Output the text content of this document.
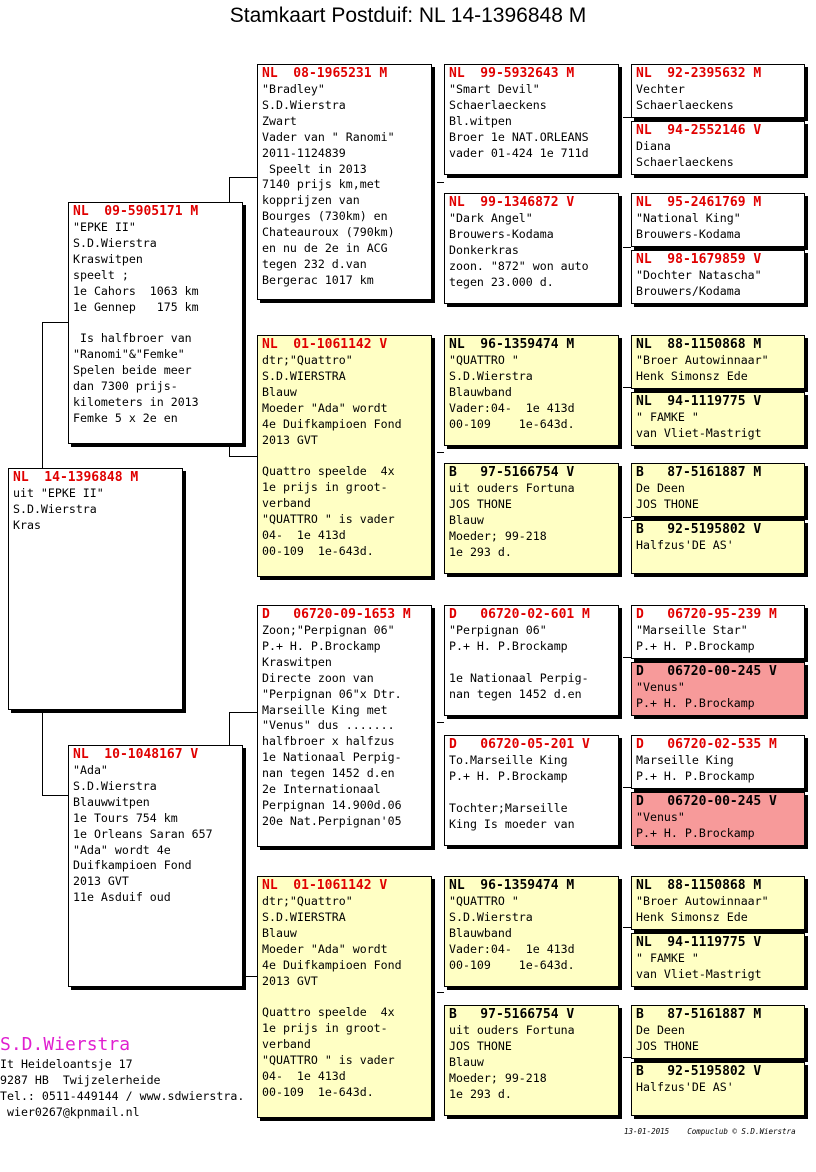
Stamkaart Postduif: NL 14-1396848 M
NL  14-1396848 M
uit "EPKE II"
S.D.Wierstra
Kras
NL  09-5905171 M
"EPKE II"
S.D.Wierstra
Kraswitpen
speelt ;
1e Cahors  1063 km
1e Gennep   175 km

Is halfbroer van
"Ranomi"&"Femke"
Spelen beide meer
dan 7300 prijs-
kilometers in 2013
Femke 5 x 2e en
NL  10-1048167 V
"Ada"
S.D.Wierstra
Blauwwitpen
1e Tours 754 km
1e Orleans Saran 657
"Ada" wordt 4e
Duifkampioen Fond
2013 GVT
11e Asduif oud
NL  08-1965231 M
"Bradley"
S.D.Wierstra
Zwart
Vader van " Ranomi"
2011-1124839
Speelt in 2013
7140 prijs km,met
kopprijzen van
Bourges (730km) en
Chateauroux (790km)
en nu de 2e in ACG
tegen 232 d.van
Bergerac 1017 km
NL  01-1061142 V
dtr;"Quattro"
S.D.WIERSTRA
Blauw
Moeder "Ada" wordt
4e Duifkampioen Fond
2013 GVT

Quattro speelde  4x
1e prijs in groot-
verband
"QUATTRO " is vader
04-  1e 413d
00-109  1e-643d.
D   06720-09-1653 M
Zoon;"Perpignan 06"
P.+ H. P.Brockamp
Kraswitpen
Directe zoon van
"Perpignan 06"x Dtr.
Marseille King met
"Venus" dus .......
halfbroer x halfzus
1e Nationaal Perpig-
nan tegen 1452 d.en
2e Internationaal
Perpignan 14.900d.06
20e Nat.Perpignan'05
NL  01-1061142 V
dtr;"Quattro"
S.D.WIERSTRA
Blauw
Moeder "Ada" wordt
4e Duifkampioen Fond
2013 GVT

Quattro speelde  4x
1e prijs in groot-
verband
"QUATTRO " is vader
04-  1e 413d
00-109  1e-643d.
NL  99-5932643 M
"Smart Devil"
Schaerlaeckens
Bl.witpen
Broer 1e NAT.ORLEANS
vader 01-424 1e 711d
NL  99-1346872 V
"Dark Angel"
Brouwers-Kodama
Donkerkras
zoon. "872" won auto
tegen 23.000 d.
NL  96-1359474 M
"QUATTRO "
S.D.Wierstra
Blauwband
Vader:04-  1e 413d
00-109    1e-643d.
B   97-5166754 V
uit ouders Fortuna
JOS THONE
Blauw
Moeder; 99-218
1e 293 d.
D   06720-02-601 M
"Perpignan 06"
P.+ H. P.Brockamp

1e Nationaal Perpig-
nan tegen 1452 d.en
D   06720-05-201 V
To.Marseille King
P.+ H. P.Brockamp

Tochter;Marseille
King Is moeder van
NL  96-1359474 M
"QUATTRO "
S.D.Wierstra
Blauwband
Vader:04-  1e 413d
00-109    1e-643d.
B   97-5166754 V
uit ouders Fortuna
JOS THONE
Blauw
Moeder; 99-218
1e 293 d.
NL  92-2395632 M
Vechter
Schaerlaeckens
NL  94-2552146 V
Diana
Schaerlaeckens
NL  95-2461769 M
"National King"
Brouwers-Kodama
NL  98-1679859 V
"Dochter Natascha"
Brouwers/Kodama
NL  88-1150868 M
"Broer Autowinnaar"
Henk Simonsz Ede
NL  94-1119775 V
" FAMKE "
van Vliet-Mastrigt
B   87-5161887 M
De Deen
JOS THONE
B   92-5195802 V
Halfzus'DE AS'
D   06720-95-239 M
"Marseille Star"
P.+ H. P.Brockamp
D   06720-00-245 V
"Venus"
P.+ H. P.Brockamp
D   06720-02-535 M
Marseille King
P.+ H. P.Brockamp
D   06720-00-245 V
"Venus"
P.+ H. P.Brockamp
NL  88-1150868 M
"Broer Autowinnaar"
Henk Simonsz Ede
NL  94-1119775 V
" FAMKE "
van Vliet-Mastrigt
B   87-5161887 M
De Deen
JOS THONE
B   92-5195802 V
Halfzus'DE AS'
S.D.Wierstra
It Heideloantsje 17
9287 HB  Twijzelerheide
Tel.: 0511-449144 / www.sdwierstra.
wier0267@kpnmail.nl
13-01-2015    Compuclub © S.D.Wierstra
